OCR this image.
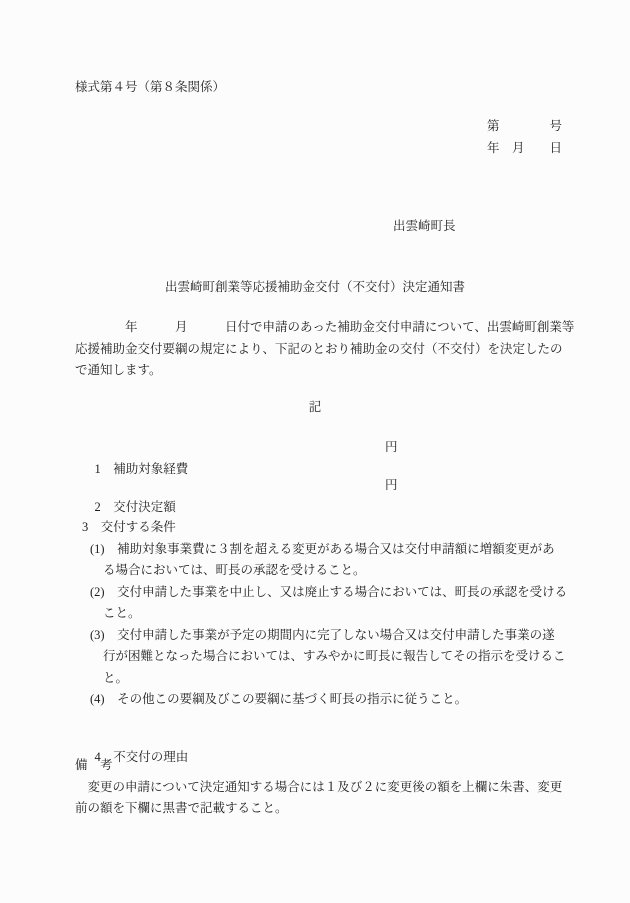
様式第４号（第８条関係）
第　　　　号
年　月　　日
出雲崎町長
出雲崎町創業等応援補助金交付（不交付）決定通知書
　　　　年　　　月　　　日付で申請のあった補助金交付申請について、出雲崎町創業等
応援補助金交付要綱の規定により、下記のとおり補助金の交付（不交付）を決定したの
で通知します。
記

1　補助対象経費

円

2　交付決定額

円

3　交付する条件
(1)　補助対象事業費に３割を超える変更がある場合又は交付申請額に増額変更があ
る場合においては、町長の承認を受けること。
(2)　交付申請した事業を中止し、又は廃止する場合においては、町長の承認を受ける
こと。
(3)　交付申請した事業が予定の期間内に完了しない場合又は交付申請した事業の遂
行が困難となった場合においては、すみやかに町長に報告してその指示を受けるこ
と。
(4)　その他この要綱及びこの要綱に基づく町長の指示に従うこと。

4　不交付の理由

備　考
　変更の申請について決定通知する場合には１及び２に変更後の額を上欄に朱書、変更
前の額を下欄に黒書で記載すること。
